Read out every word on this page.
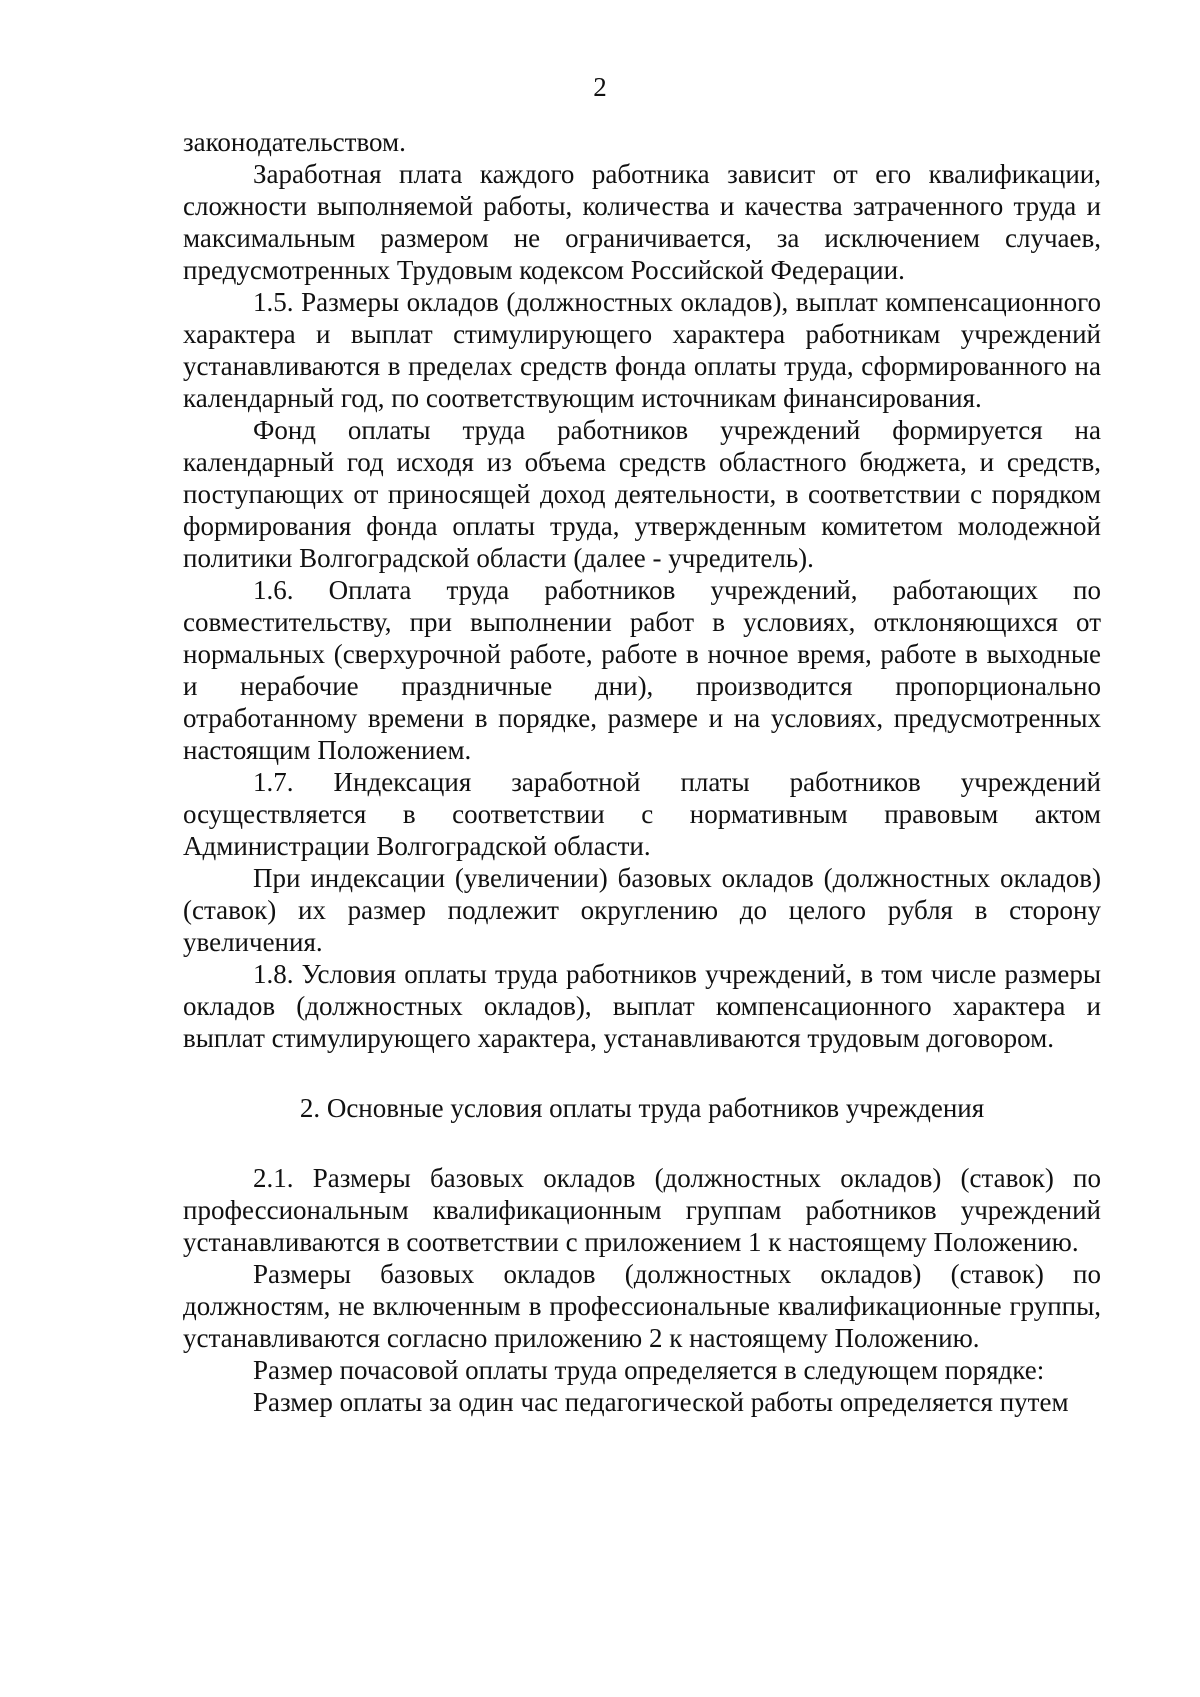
2

законодательством.

Заработная плата каждого работника зависит от его квалификации, сложности выполняемой работы, количества и качества затраченного труда и максимальным размером не ограничивается, за исключением случаев, предусмотренных Трудовым кодексом Российской Федерации.

1.5. Размеры окладов (должностных окладов), выплат компенсационного характера и выплат стимулирующего характера работникам учреждений устанавливаются в пределах средств фонда оплаты труда, сформированного на календарный год, по соответствующим источникам финансирования.

Фонд оплаты труда работников учреждений формируется на календарный год исходя из объема средств областного бюджета, и средств, поступающих от приносящей доход деятельности, в соответствии с порядком формирования фонда оплаты труда, утвержденным комитетом молодежной политики Волгоградской области (далее - учредитель).

1.6. Оплата труда работников учреждений, работающих по совместительству, при выполнении работ в условиях, отклоняющихся от нормальных (сверхурочной работе, работе в ночное время, работе в выходные и нерабочие праздничные дни), производится пропорционально отработанному времени в порядке, размере и на условиях, предусмотренных настоящим Положением.

1.7. Индексация заработной платы работников учреждений осуществляется в соответствии с нормативным правовым актом Администрации Волгоградской области.

При индексации (увеличении) базовых окладов (должностных окладов) (ставок) их размер подлежит округлению до целого рубля в сторону увеличения.

1.8. Условия оплаты труда работников учреждений, в том числе размеры окладов (должностных окладов), выплат компенсационного характера и выплат стимулирующего характера, устанавливаются трудовым договором.

2. Основные условия оплаты труда работников учреждения

2.1. Размеры базовых окладов (должностных окладов) (ставок) по профессиональным квалификационным группам работников учреждений устанавливаются в соответствии с приложением 1 к настоящему Положению.

Размеры базовых окладов (должностных окладов) (ставок) по должностям, не включенным в профессиональные квалификационные группы, устанавливаются согласно приложению 2 к настоящему Положению.

Размер почасовой оплаты труда определяется в следующем порядке:

Размер оплаты за один час педагогической работы определяется путем
